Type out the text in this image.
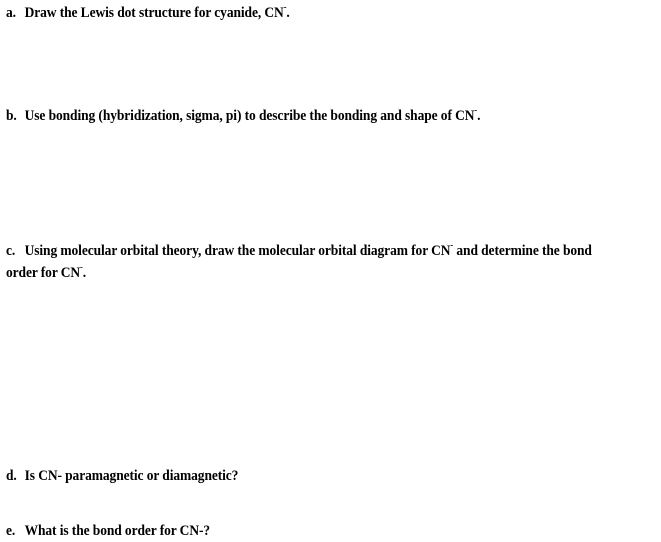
a. Draw the Lewis dot structure for cyanide, CN-.
b. Use bonding (hybridization, sigma, pi) to describe the bonding and shape of CN-.
c. Using molecular orbital theory, draw the molecular orbital diagram for CN- and determine the bond
order for CN-.
d. Is CN- paramagnetic or diamagnetic?
e. What is the bond order for CN-?
